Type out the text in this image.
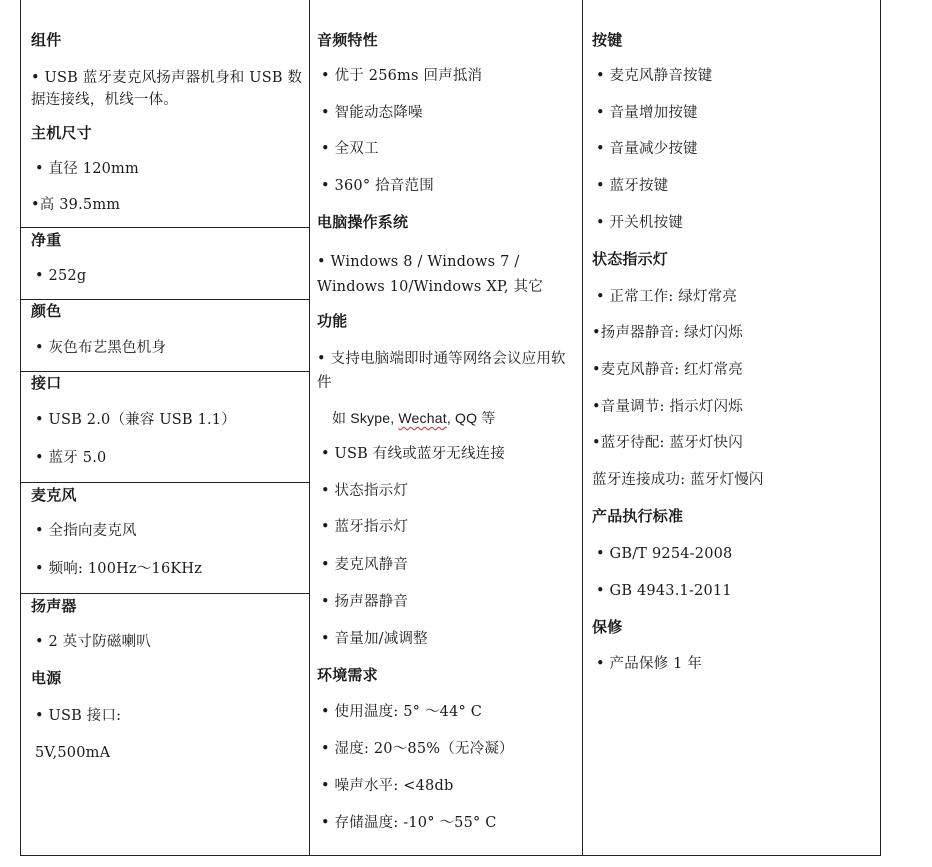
组件
• USB 蓝牙麦克风扬声器机身和 USB 数据连接线，机线一体。
主机尺寸
• 直径 120mm
•高 39.5mm
净重
• 252g
颜色
• 灰色布艺黑色机身
接口
• USB 2.0（兼容 USB 1.1）
• 蓝牙 5.0
麦克风
• 全指向麦克风
• 频响: 100Hz～16KHz
扬声器
• 2 英寸防磁喇叭
电源
• USB 接口:
5V,500mA
音频特性
• 优于 256ms 回声抵消
• 智能动态降噪
• 全双工
• 360° 拾音范围
电脑操作系统
• Windows 8 / Windows 7 / Windows 10/Windows XP, 其它
功能
• 支持电脑端即时通等网络会议应用软件
如 Skype, Wechat, QQ 等
• USB 有线或蓝牙无线连接
• 状态指示灯
• 蓝牙指示灯
• 麦克风静音
• 扬声器静音
• 音量加/减调整
环境需求
• 使用温度: 5° ～44° C
• 湿度: 20～85%（无冷凝）
• 噪声水平: <48db
• 存储温度: -10° ～55° C
按键
• 麦克风静音按键
• 音量增加按键
• 音量减少按键
• 蓝牙按键
• 开关机按键
状态指示灯
• 正常工作: 绿灯常亮
•扬声器静音: 绿灯闪烁
•麦克风静音: 红灯常亮
•音量调节: 指示灯闪烁
•蓝牙待配: 蓝牙灯快闪
蓝牙连接成功: 蓝牙灯慢闪
产品执行标准
• GB/T 9254-2008
• GB 4943.1-2011
保修
• 产品保修 1 年
